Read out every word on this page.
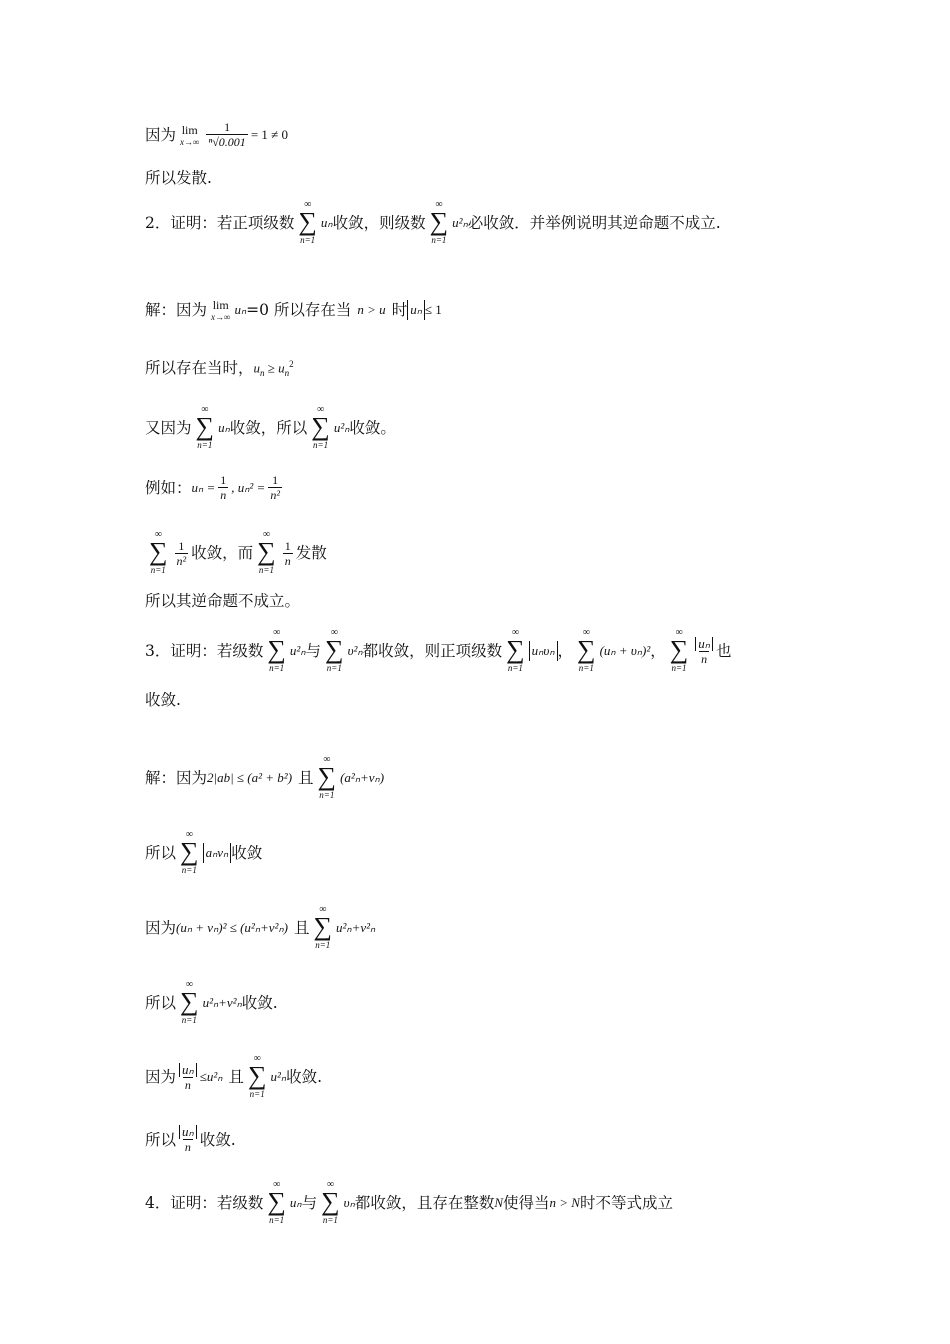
因为 lim
$x\to\infty \frac{1}{\text{ⁿ√0.001}} = 1 \ne 0$
所以发散.
2．证明：若正项级数
∞
∑
n=1
uₙ 收敛，则级数
∞
∑
n=1
u²ₙ 必收敛．并举例说明其逆命题不成立.
解：因为 lim
x→∞ uₙ =0 所以存在当 n > u 时 uₙ ≤ 1
所以存在当时， $u_n \ge u_n^2$
又因为
∞
∑
n=1
uₙ 收敛，所以
∞
∑
n=1
u²ₙ 收敛。
例如： $u_n = \frac{1}{n}$ , $u_n^2 = \frac{1}{\text{n²}}$
∞
∑
n=1
$\frac{1}{\text{n²}}$ 收敛，而
∞
∑
n=1
$\frac{1}{n}$ 发散
所以其逆命题不成立。
3．证明：若级数
∞
∑
n=1
u²ₙ 与
∞
∑
n=1
υ²ₙ 都收敛，则正项级数
∞
∑
n=1
uₙυₙ ，
∞
∑
n=1
(uₙ + υₙ)² ，
∞
∑
n=1
$\frac{\text{uₙ}}{n}$ 也
收敛.
解：因为 2|ab| ≤ (a² + b²) 且
∞
∑
n=1
(a²ₙ+vₙ)
所以
∞
∑
n=1
aₙvₙ 收敛
因为 (uₙ + vₙ)² ≤ (u²ₙ+v²ₙ) 且
∞
∑
n=1
u²ₙ+v²ₙ
所以
∞
∑
n=1
u²ₙ+v²ₙ 收敛.
因为 $\frac{\text{uₙ}}{n} \le u^2_n$ 且
∞
∑
n=1
u²ₙ 收敛.
所以 $\frac{\text{uₙ}}{n}$ 收敛.
4．证明：若级数
∞
∑
n=1
uₙ 与
∞
∑
n=1
υₙ 都收敛，且存在整数 N 使得当 n > N 时不等式成立
